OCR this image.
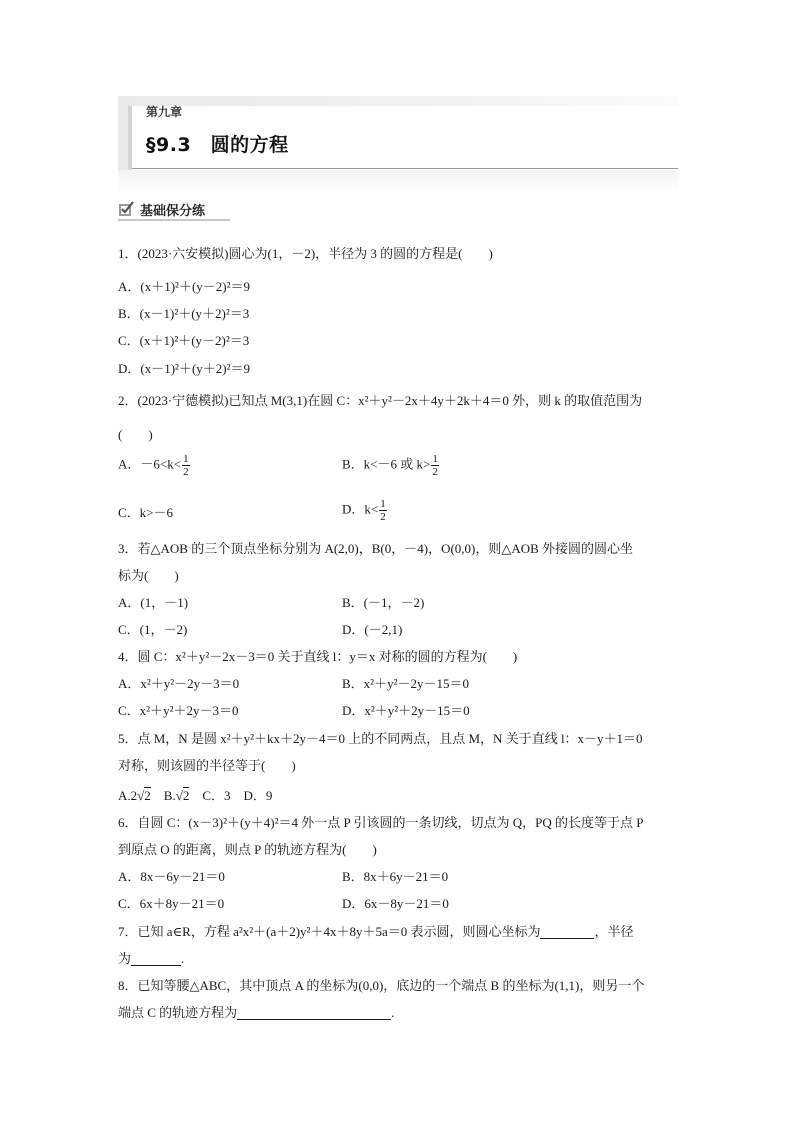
第九章
§9.3　圆的方程
基础保分练
1．(2023·六安模拟)圆心为(1，－2)，半径为 3 的圆的方程是(　　)
A．(x＋1)²＋(y－2)²＝9
B．(x－1)²＋(y＋2)²＝3
C．(x＋1)²＋(y－2)²＝3
D．(x－1)²＋(y＋2)²＝9
2．(2023·宁德模拟)已知点 M(3,1)在圆 C：x²＋y²－2x＋4y＋2k＋4＝0 外，则 k 的取值范围为
(　　)
A．$-6<k< \frac{1}{2}$	B．k<－6 或 $k> \frac{1}{2}$
C．k>－6	D．$k< \frac{1}{2}$
3．若△AOB 的三个顶点坐标分别为 A(2,0)，B(0，－4)，O(0,0)，则△AOB 外接圆的圆心坐
标为(　　)
A．(1，－1)	B．(－1，－2)
C．(1，－2)	D．(－2,1)
4．圆 C：x²＋y²－2x－3＝0 关于直线 l：y＝x 对称的圆的方程为(　　)
A．x²＋y²－2y－3＝0	B．x²＋y²－2y－15＝0
C．x²＋y²＋2y－3＝0	D．x²＋y²＋2y－15＝0
5．点 M，N 是圆 x²＋y²＋kx＋2y－4＝0 上的不同两点，且点 M，N 关于直线 l：x－y＋1＝0
对称，则该圆的半径等于(　　)
A.2√2　 B.√2　 C．3　D．9
6．自圆 C：(x－3)²＋(y＋4)²＝4 外一点 P 引该圆的一条切线，切点为 Q，PQ 的长度等于点 P
到原点 O 的距离，则点 P 的轨迹方程为(　　)
A．8x－6y－21＝0	B．8x＋6y－21＝0
C．6x＋8y－21＝0	D．6x－8y－21＝0
7．已知 a∈R，方程 a²x²＋(a＋2)y²＋4x＋8y＋5a＝0 表示圆，则圆心坐标为	，半径
为	.
8．已知等腰△ABC，其中顶点 A 的坐标为(0,0)，底边的一个端点 B 的坐标为(1,1)，则另一个
端点 C 的轨迹方程为	.
